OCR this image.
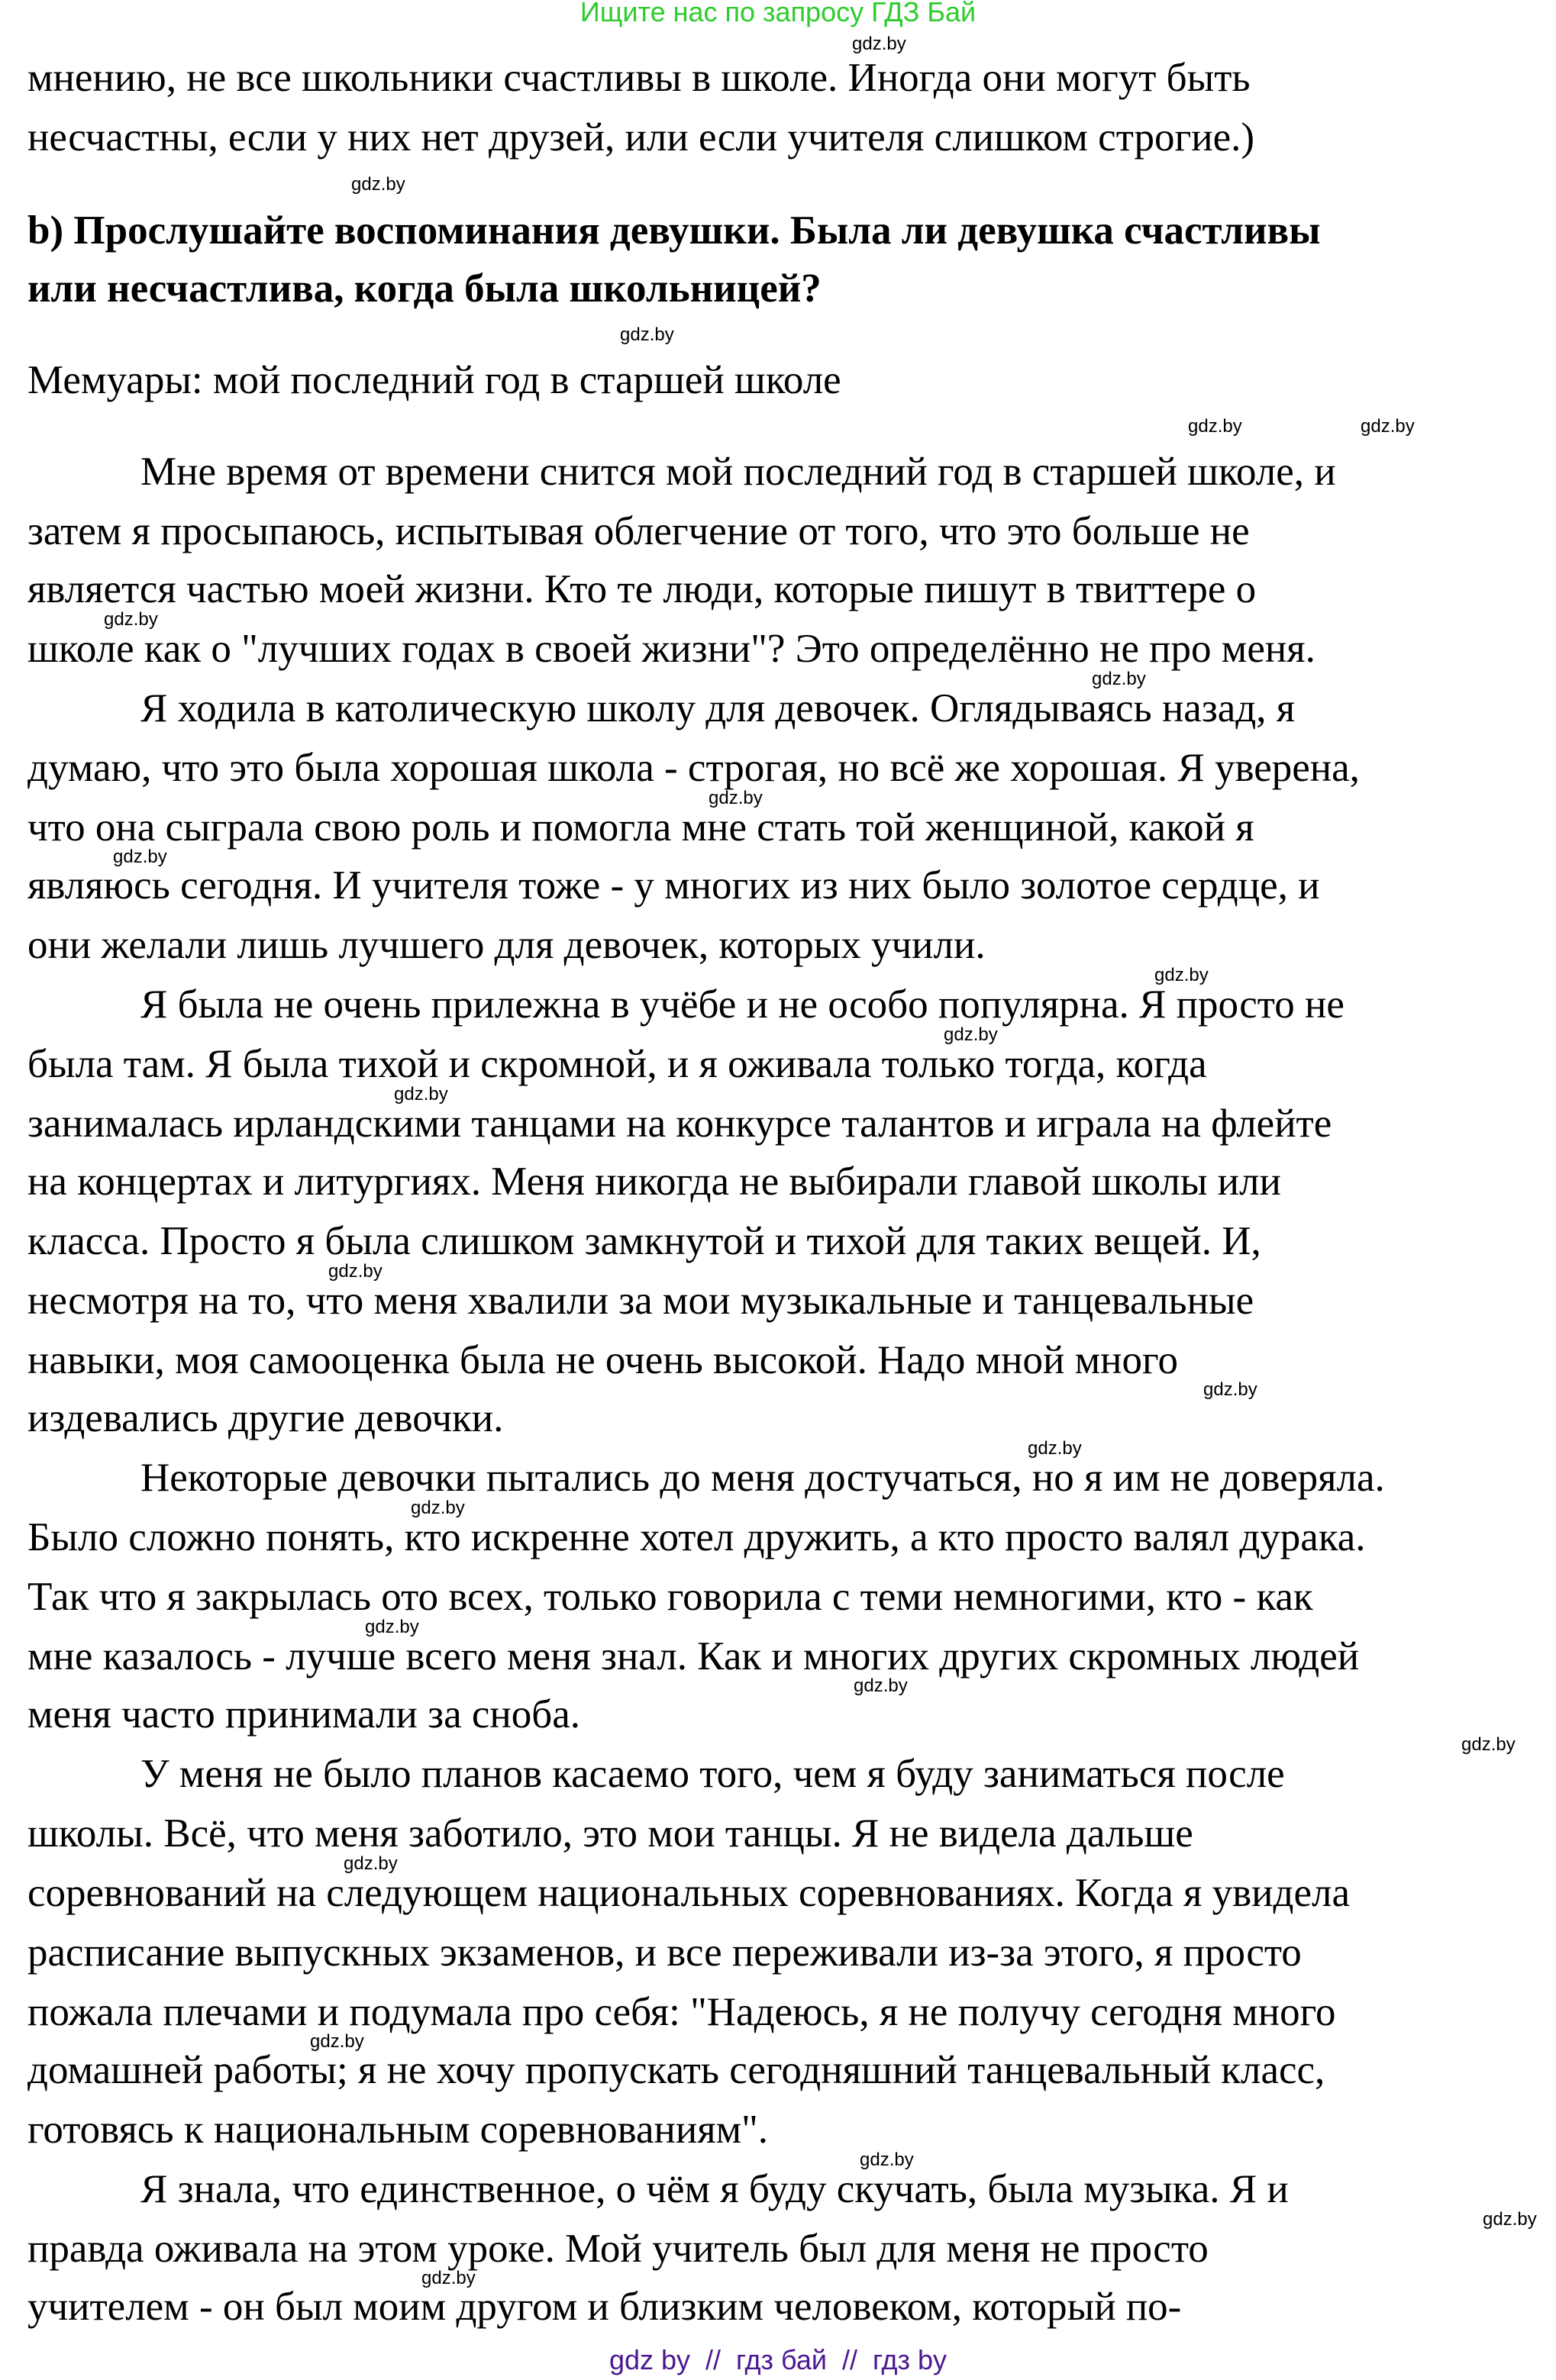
Ищите нас по запросу ГДЗ Бай
мнению, не все школьники счастливы в школе. Иногда они могут быть
несчастны, если у них нет друзей, или если учителя слишком строгие.)
b) Прослушайте воспоминания девушки. Была ли девушка счастливы
или несчастлива, когда была школьницей?
Мемуары: мой последний год в старшей школе
Мне время от времени снится мой последний год в старшей школе, и
затем я просыпаюсь, испытывая облегчение от того, что это больше не
является частью моей жизни. Кто те люди, которые пишут в твиттере о
школе как о "лучших годах в своей жизни"? Это определённо не про меня.
Я ходила в католическую школу для девочек. Оглядываясь назад, я
думаю, что это была хорошая школа - строгая, но всё же хорошая. Я уверена,
что она сыграла свою роль и помогла мне стать той женщиной, какой я
являюсь сегодня. И учителя тоже - у многих из них было золотое сердце, и
они желали лишь лучшего для девочек, которых учили.
Я была не очень прилежна в учёбе и не особо популярна. Я просто не
была там. Я была тихой и скромной, и я оживала только тогда, когда
занималась ирландскими танцами на конкурсе талантов и играла на флейте
на концертах и литургиях. Меня никогда не выбирали главой школы или
класса. Просто я была слишком замкнутой и тихой для таких вещей. И,
несмотря на то, что меня хвалили за мои музыкальные и танцевальные
навыки, моя самооценка была не очень высокой. Надо мной много
издевались другие девочки.
Некоторые девочки пытались до меня достучаться, но я им не доверяла.
Было сложно понять, кто искренне хотел дружить, а кто просто валял дурака.
Так что я закрылась ото всех, только говорила с теми немногими, кто - как
мне казалось - лучше всего меня знал. Как и многих других скромных людей
меня часто принимали за сноба.
У меня не было планов касаемо того, чем я буду заниматься после
школы. Всё, что меня заботило, это мои танцы. Я не видела дальше
соревнований на следующем национальных соревнованиях. Когда я увидела
расписание выпускных экзаменов, и все переживали из-за этого, я просто
пожала плечами и подумала про себя: "Надеюсь, я не получу сегодня много
домашней работы; я не хочу пропускать сегодняшний танцевальный класс,
готовясь к национальным соревнованиям".
Я знала, что единственное, о чём я буду скучать, была музыка. Я и
правда оживала на этом уроке. Мой учитель был для меня не просто
учителем - он был моим другом и близким человеком, который по-
gdz.by
gdz.by
gdz.by
gdz.by	gdz.by
gdz.by
gdz.by
gdz.by
gdz.by
gdz.by
gdz.by
gdz.by
gdz.by
gdz.by
gdz.by
gdz.by
gdz.by
gdz.by
gdz.by
gdz.by
gdz.by
gdz.by
gdz.by
gdz.by
gdz by  //  гдз бай  //  гдз by
